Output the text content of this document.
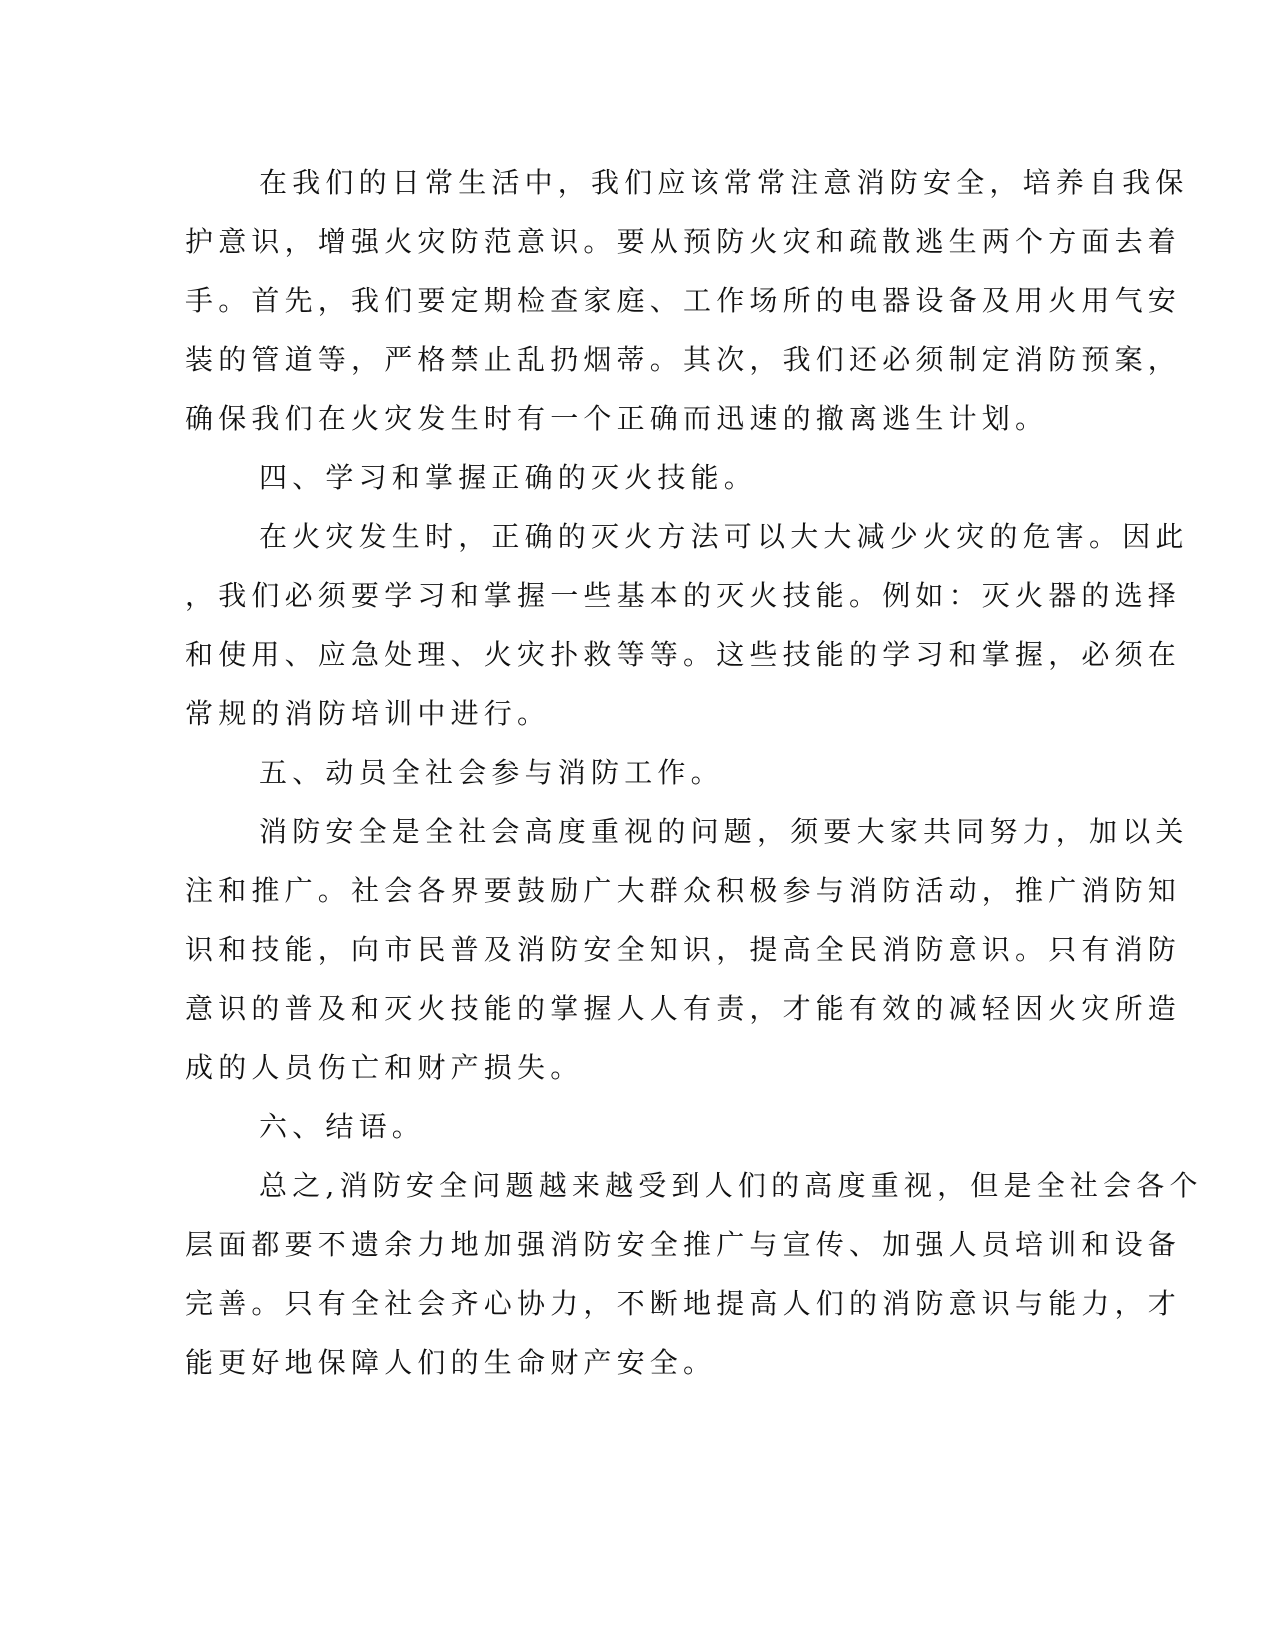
在我们的日常生活中，我们应该常常注意消防安全，培养自我保
护意识，增强火灾防范意识。要从预防火灾和疏散逃生两个方面去着
手。首先，我们要定期检查家庭、工作场所的电器设备及用火用气安
装的管道等，严格禁止乱扔烟蒂。其次，我们还必须制定消防预案，
确保我们在火灾发生时有一个正确而迅速的撤离逃生计划。
四、学习和掌握正确的灭火技能。
在火灾发生时，正确的灭火方法可以大大减少火灾的危害。因此
，我们必须要学习和掌握一些基本的灭火技能。例如：灭火器的选择
和使用、应急处理、火灾扑救等等。这些技能的学习和掌握，必须在
常规的消防培训中进行。
五、动员全社会参与消防工作。
消防安全是全社会高度重视的问题，须要大家共同努力，加以关
注和推广。社会各界要鼓励广大群众积极参与消防活动，推广消防知
识和技能，向市民普及消防安全知识，提高全民消防意识。只有消防
意识的普及和灭火技能的掌握人人有责，才能有效的减轻因火灾所造
成的人员伤亡和财产损失。
六、结语。
总之,消防安全问题越来越受到人们的高度重视，但是全社会各个
层面都要不遗余力地加强消防安全推广与宣传、加强人员培训和设备
完善。只有全社会齐心协力，不断地提高人们的消防意识与能力，才
能更好地保障人们的生命财产安全。
